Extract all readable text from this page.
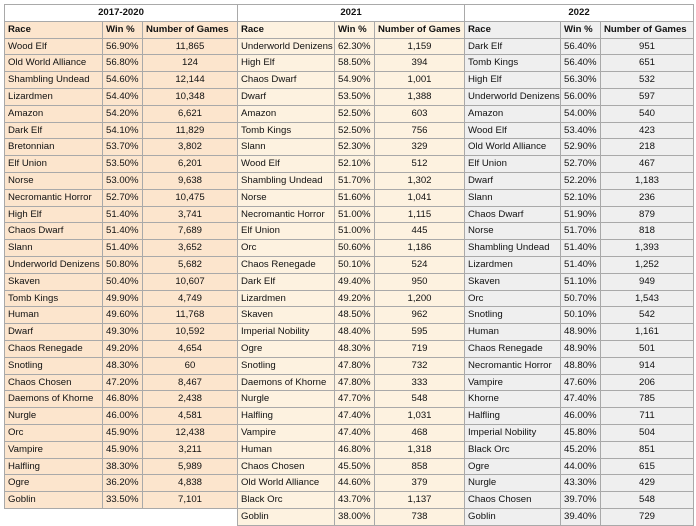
2017-2020		
Race	Win %	Number of Games
Wood Elf	56.90%	11,865
Old World Alliance	56.80%	124
Shambling Undead	54.60%	12,144
Lizardmen	54.40%	10,348
Amazon	54.20%	6,621
Dark Elf	54.10%	11,829
Bretonnian	53.70%	3,802
Elf Union	53.50%	6,201
Norse	53.00%	9,638
Necromantic Horror	52.70%	10,475
High Elf	51.40%	3,741
Chaos Dwarf	51.40%	7,689
Slann	51.40%	3,652
Underworld Denizens	50.80%	5,682
Skaven	50.40%	10,607
Tomb Kings	49.90%	4,749
Human	49.60%	11,768
Dwarf	49.30%	10,592
Chaos Renegade	49.20%	4,654
Snotling	48.30%	60
Chaos Chosen	47.20%	8,467
Daemons of Khorne	46.80%	2,438
Nurgle	46.00%	4,581
Orc	45.90%	12,438
Vampire	45.90%	3,211
Halfling	38.30%	5,989
Ogre	36.20%	4,838
Goblin	33.50%	7,101
2021		
Race	Win %	Number of Games
Underworld Denizens	62.30%	1,159
High Elf	58.50%	394
Chaos Dwarf	54.90%	1,001
Dwarf	53.50%	1,388
Amazon	52.50%	603
Tomb Kings	52.50%	756
Slann	52.30%	329
Wood Elf	52.10%	512
Shambling Undead	51.70%	1,302
Norse	51.60%	1,041
Necromantic Horror	51.00%	1,115
Elf Union	51.00%	445
Orc	50.60%	1,186
Chaos Renegade	50.10%	524
Dark Elf	49.40%	950
Lizardmen	49.20%	1,200
Skaven	48.50%	962
Imperial Nobility	48.40%	595
Ogre	48.30%	719
Snotling	47.80%	732
Daemons of Khorne	47.80%	333
Nurgle	47.70%	548
Halfling	47.40%	1,031
Vampire	47.40%	468
Human	46.80%	1,318
Chaos Chosen	45.50%	858
Old World Alliance	44.60%	379
Black Orc	43.70%	1,137
Goblin	38.00%	738
2022		
Race	Win %	Number of Games
Dark Elf	56.40%	951
Tomb Kings	56.40%	651
High Elf	56.30%	532
Underworld Denizens	56.00%	597
Amazon	54.00%	540
Wood Elf	53.40%	423
Old World Alliance	52.90%	218
Elf Union	52.70%	467
Dwarf	52.20%	1,183
Slann	52.10%	236
Chaos Dwarf	51.90%	879
Norse	51.70%	818
Shambling Undead	51.40%	1,393
Lizardmen	51.40%	1,252
Skaven	51.10%	949
Orc	50.70%	1,543
Snotling	50.10%	542
Human	48.90%	1,161
Chaos Renegade	48.90%	501
Necromantic Horror	48.80%	914
Vampire	47.60%	206
Khorne	47.40%	785
Halfling	46.00%	711
Imperial Nobility	45.80%	504
Black Orc	45.20%	851
Ogre	44.00%	615
Nurgle	43.30%	429
Chaos Chosen	39.70%	548
Goblin	39.40%	729
